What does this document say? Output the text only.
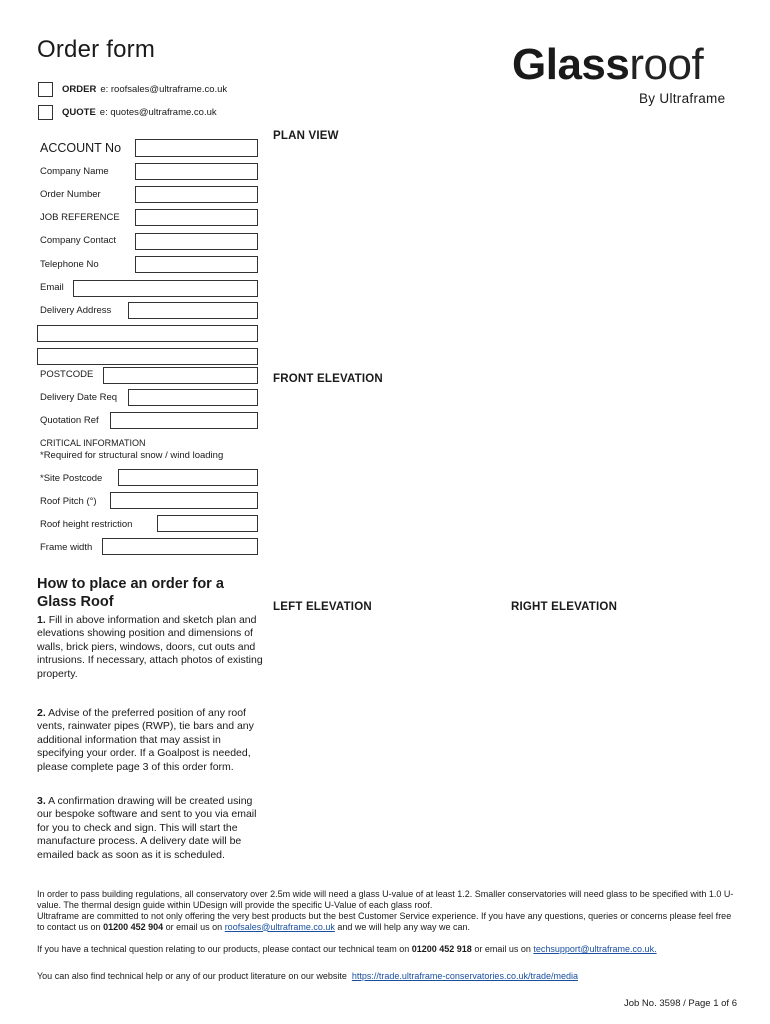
Order form	Glassroof
By Ultraframe
ORDER e: roofsales@ultraframe.co.uk
QUOTE e: quotes@ultraframe.co.uk
ACCOUNT No
Company Name
Order Number
JOB REFERENCE
Company Contact
Telephone No
Email
Delivery Address
POSTCODE
Delivery Date Req
Quotation Ref
CRITICAL INFORMATION
*Required for structural snow / wind loading
*Site Postcode
Roof Pitch (°)
Roof height restriction
Frame width
PLAN VIEW
FRONT ELEVATION
LEFT ELEVATION	RIGHT ELEVATION
How to place an order for a Glass Roof
1. Fill in above information and sketch plan and elevations showing position and dimensions of walls, brick piers, windows, doors, cut outs and intrusions. If necessary, attach photos of existing property.
2. Advise of the preferred position of any roof vents, rainwater pipes (RWP), tie bars and any additional information that may assist in specifying your order. If a Goalpost is needed, please complete page 3 of this order form.
3. A confirmation drawing will be created using our bespoke software and sent to you via email for you to check and sign. This will start the manufacture process. A delivery date will be emailed back as soon as it is scheduled.
In order to pass building regulations, all conservatory over 2.5m wide will need a glass U-value of at least 1.2. Smaller conservatories will need glass to be specified with 1.0 U-value. The thermal design guide within UDesign will provide the specific U-Value of each glass roof.
Ultraframe are committed to not only offering the very best products but the best Customer Service experience. If you have any questions, queries or concerns please feel free to contact us on 01200 452 904 or email us on roofsales@ultraframe.co.uk and we will help any way we can.
If you have a technical question relating to our products, please contact our technical team on 01200 452 918 or email us on techsupport@ultraframe.co.uk.
You can also find technical help or any of our product literature on our website https://trade.ultraframe-conservatories.co.uk/trade/media
Job No. 3598 / Page 1 of 6
